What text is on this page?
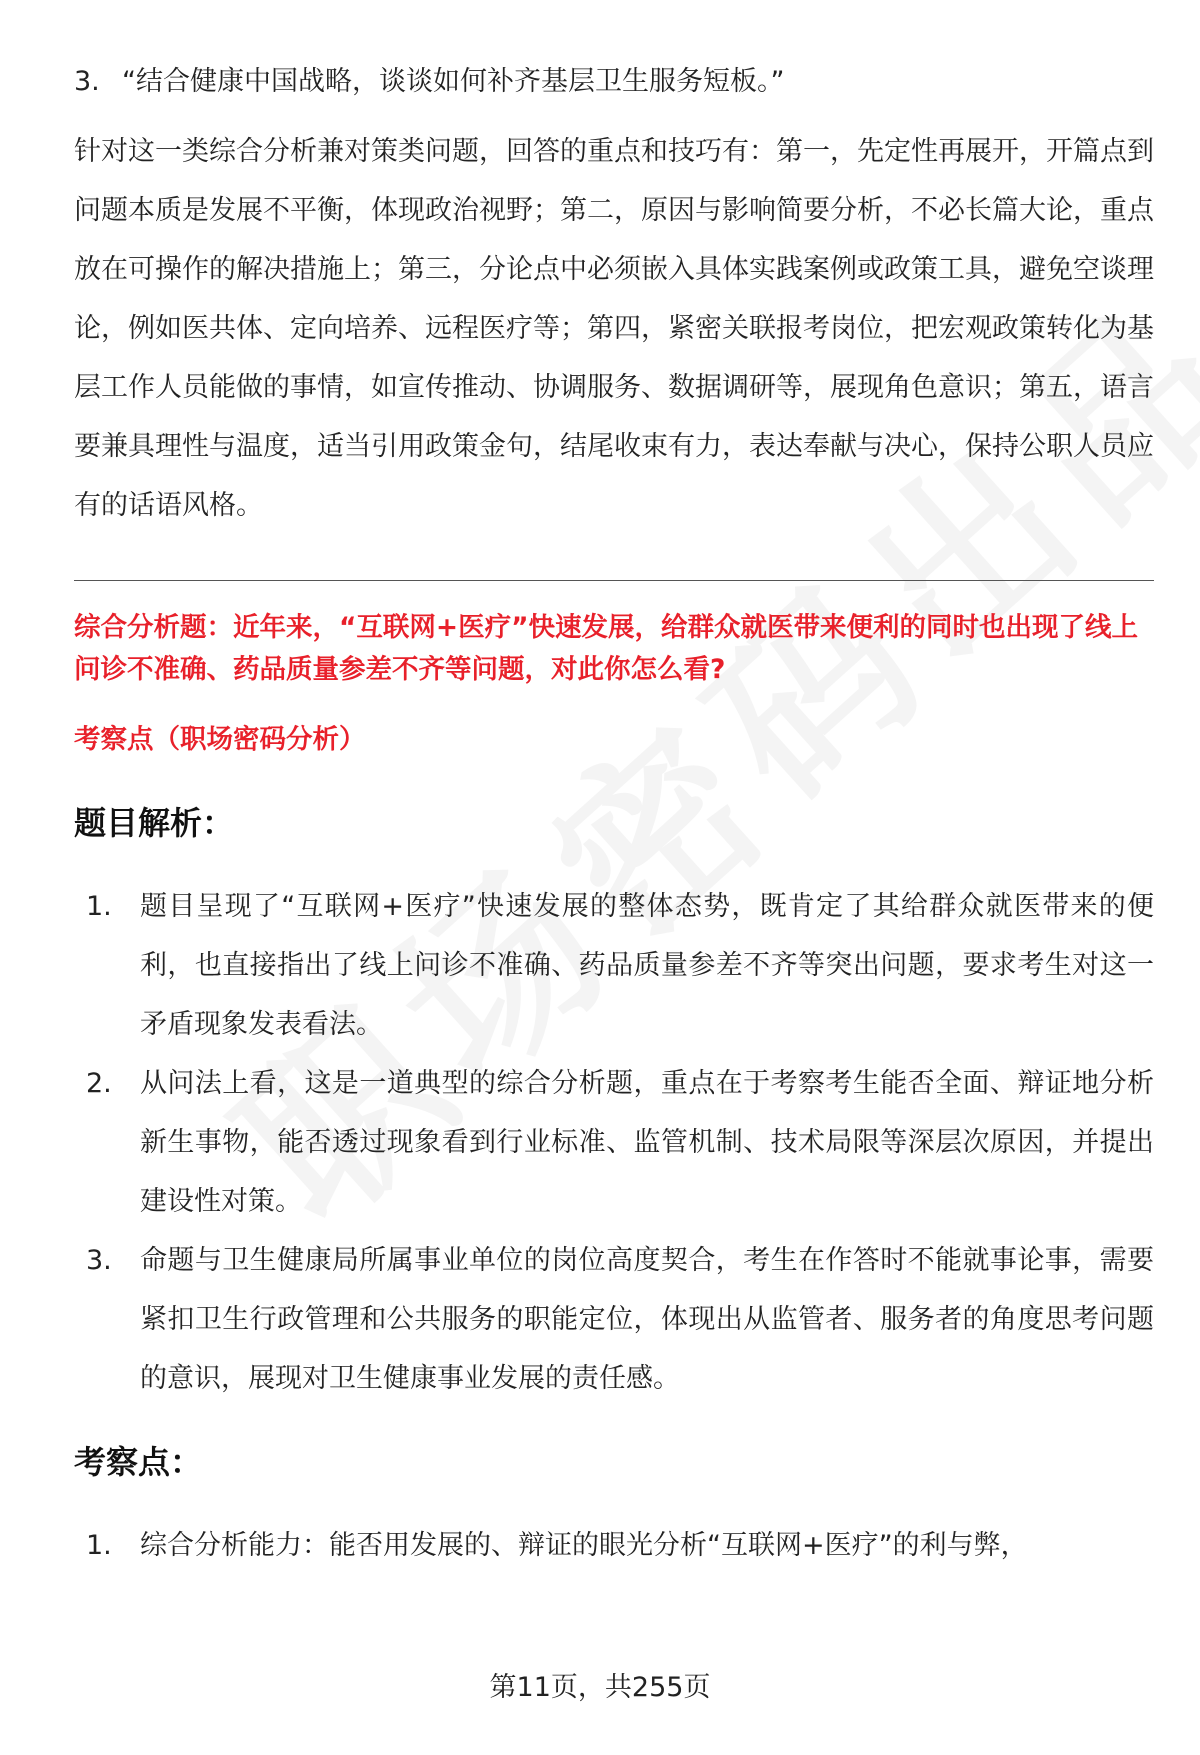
3. “结合健康中国战略，谈谈如何补齐基层卫生服务短板。”

针对这一类综合分析兼对策类问题，回答的重点和技巧有：第一，先定性再展开，开篇点到问题本质是发展不平衡，体现政治视野；第二，原因与影响简要分析，不必长篇大论，重点放在可操作的解决措施上；第三，分论点中必须嵌入具体实践案例或政策工具，避免空谈理论，例如医共体、定向培养、远程医疗等；第四，紧密关联报考岗位，把宏观政策转化为基层工作人员能做的事情，如宣传推动、协调服务、数据调研等，展现角色意识；第五，语言要兼具理性与温度，适当引用政策金句，结尾收束有力，表达奉献与决心，保持公职人员应有的话语风格。

综合分析题：近年来，“互联网+医疗”快速发展，给群众就医带来便利的同时也出现了线上问诊不准确、药品质量参差不齐等问题，对此你怎么看?

考察点（职场密码分析）

题目解析：
1.	题目呈现了“互联网+医疗”快速发展的整体态势，既肯定了其给群众就医带来的便利，也直接指出了线上问诊不准确、药品质量参差不齐等突出问题，要求考生对这一矛盾现象发表看法。
2.	从问法上看，这是一道典型的综合分析题，重点在于考察考生能否全面、辩证地分析新生事物，能否透过现象看到行业标准、监管机制、技术局限等深层次原因，并提出建设性对策。
3.	命题与卫生健康局所属事业单位的岗位高度契合，考生在作答时不能就事论事，需要紧扣卫生行政管理和公共服务的职能定位，体现出从监管者、服务者的角度思考问题的意识，展现对卫生健康事业发展的责任感。
考察点：
1.	综合分析能力：能否用发展的、辩证的眼光分析“互联网+医疗”的利与弊，
第11页，共255页
